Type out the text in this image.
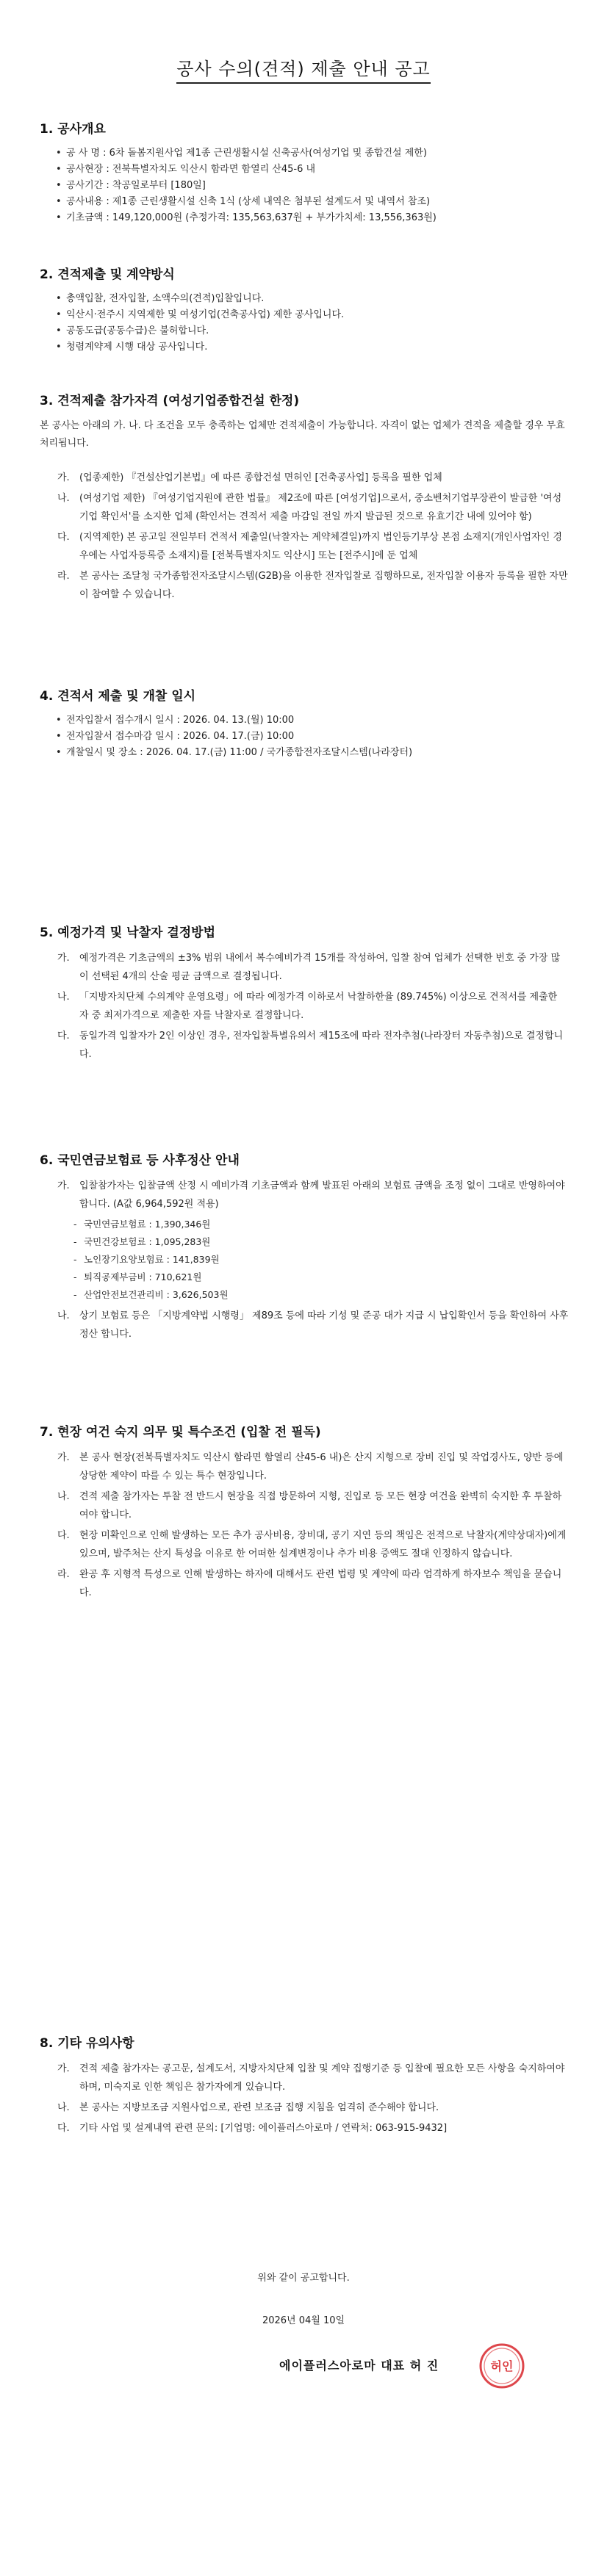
공사 수의(견적) 제출 안내 공고
1. 공사개요
• 공 사 명 : 6차 돌봄지원사업 제1종 근린생활시설 신축공사(여성기업 및 종합건설 제한)
• 공사현장 : 전북특별자치도 익산시 함라면 함열리 산45-6 내
• 공사기간 : 착공일로부터 [180일]
• 공사내용 : 제1종 근린생활시설 신축 1식 (상세 내역은 첨부된 설계도서 및 내역서 참조)
• 기초금액 : 149,120,000원 (추정가격: 135,563,637원 + 부가가치세: 13,556,363원)
2. 견적제출 및 계약방식
• 총액입찰, 전자입찰, 소액수의(견적)입찰입니다.
• 익산시·전주시 지역제한 및 여성기업(건축공사업) 제한 공사입니다.
• 공동도급(공동수급)은 불허합니다.
• 청렴계약제 시행 대상 공사입니다.
3. 견적제출 참가자격 (여성기업종합건설 한정)

본 공사는 아래의 가. 나. 다 조건을 모두 충족하는 업체만 견적제출이 가능합니다. 자격이 없는 업체가 견적을 제출할 경우 무효 처리됩니다.

가.	(업종제한) 『건설산업기본법』에 따른 종합건설 면허인 [건축공사업] 등록을 필한 업체
나.	(여성기업 제한) 『여성기업지원에 관한 법률』 제2조에 따른 [여성기업]으로서, 중소벤처기업부장관이 발급한 '여성기업 확인서'를 소지한 업체 (확인서는 견적서 제출 마감일 전일 까지 발급된 것으로 유효기간 내에 있어야 함)
다.	(지역제한) 본 공고일 전일부터 견적서 제출일(낙찰자는 계약체결일)까지 법인등기부상 본점 소재지(개인사업자인 경우에는 사업자등록증 소재지)를 [전북특별자치도 익산시] 또는 [전주시]에 둔 업체
라.	본 공사는 조달청 국가종합전자조달시스템(G2B)을 이용한 전자입찰로 집행하므로, 전자입찰 이용자 등록을 필한 자만이 참여할 수 있습니다.
4. 견적서 제출 및 개찰 일시
• 전자입찰서 접수개시 일시 : 2026. 04. 13.(월) 10:00
• 전자입찰서 접수마감 일시 : 2026. 04. 17.(금) 10:00
• 개찰일시 및 장소 : 2026. 04. 17.(금) 11:00 / 국가종합전자조달시스템(나라장터)
5. 예정가격 및 낙찰자 결정방법
가.	예정가격은 기초금액의 ±3% 범위 내에서 복수예비가격 15개를 작성하여, 입찰 참여 업체가 선택한 번호 중 가장 많이 선택된 4개의 산술 평균 금액으로 결정됩니다.
나.	「지방자치단체 수의계약 운영요령」에 따라 예정가격 이하로서 낙찰하한율 (89.745%) 이상으로 견적서를 제출한 자 중 최저가격으로 제출한 자를 낙찰자로 결정합니다.
다.	동일가격 입찰자가 2인 이상인 경우, 전자입찰특별유의서 제15조에 따라 전자추첨(나라장터 자동추첨)으로 결정합니다.
6. 국민연금보험료 등 사후정산 안내
가.	입찰참가자는 입찰금액 산정 시 예비가격 기초금액과 함께 발표된 아래의 보험료 금액을 조정 없이 그대로 반영하여야 합니다. (A값 6,964,592원 적용)
- 국민연금보험료 : 1,390,346원
- 국민건강보험료 : 1,095,283원
- 노인장기요양보험료 : 141,839원
- 퇴직공제부금비 : 710,621원
- 산업안전보건관리비 : 3,626,503원
나.	상기 보험료 등은 「지방계약법 시행령」 제89조 등에 따라 기성 및 준공 대가 지급 시 납입확인서 등을 확인하여 사후정산 합니다.
7. 현장 여건 숙지 의무 및 특수조건 (입찰 전 필독)
가.	본 공사 현장(전북특별자치도 익산시 함라면 함열리 산45-6 내)은 산지 지형으로 장비 진입 및 작업경사도, 양반 등에 상당한 제약이 따를 수 있는 특수 현장입니다.
나.	견적 제출 참가자는 투찰 전 반드시 현장을 직접 방문하여 지형, 진입로 등 모든 현장 여건을 완벽히 숙지한 후 투찰하여야 합니다.
다.	현장 미확인으로 인해 발생하는 모든 추가 공사비용, 장비대, 공기 지연 등의 책임은 전적으로 낙찰자(계약상대자)에게 있으며, 발주처는 산지 특성을 이유로 한 어떠한 설계변경이나 추가 비용 증액도 절대 인정하지 않습니다.
라.	완공 후 지형적 특성으로 인해 발생하는 하자에 대해서도 관련 법령 및 계약에 따라 엄격하게 하자보수 책임을 묻습니다.
8. 기타 유의사항
가.	견적 제출 참가자는 공고문, 설계도서, 지방자치단체 입찰 및 계약 집행기준 등 입찰에 필요한 모든 사항을 숙지하여야 하며, 미숙지로 인한 책임은 참가자에게 있습니다.
나.	본 공사는 지방보조금 지원사업으로, 관련 보조금 집행 지침을 엄격히 준수해야 합니다.
다.	기타 사업 및 설계내역 관련 문의: [기업명: 에이플러스아로마 / 연락처: 063-915-9432]
위와 같이 공고합니다.
2026년 04월 10일
에이플러스아로마 대표 허 진	허인
